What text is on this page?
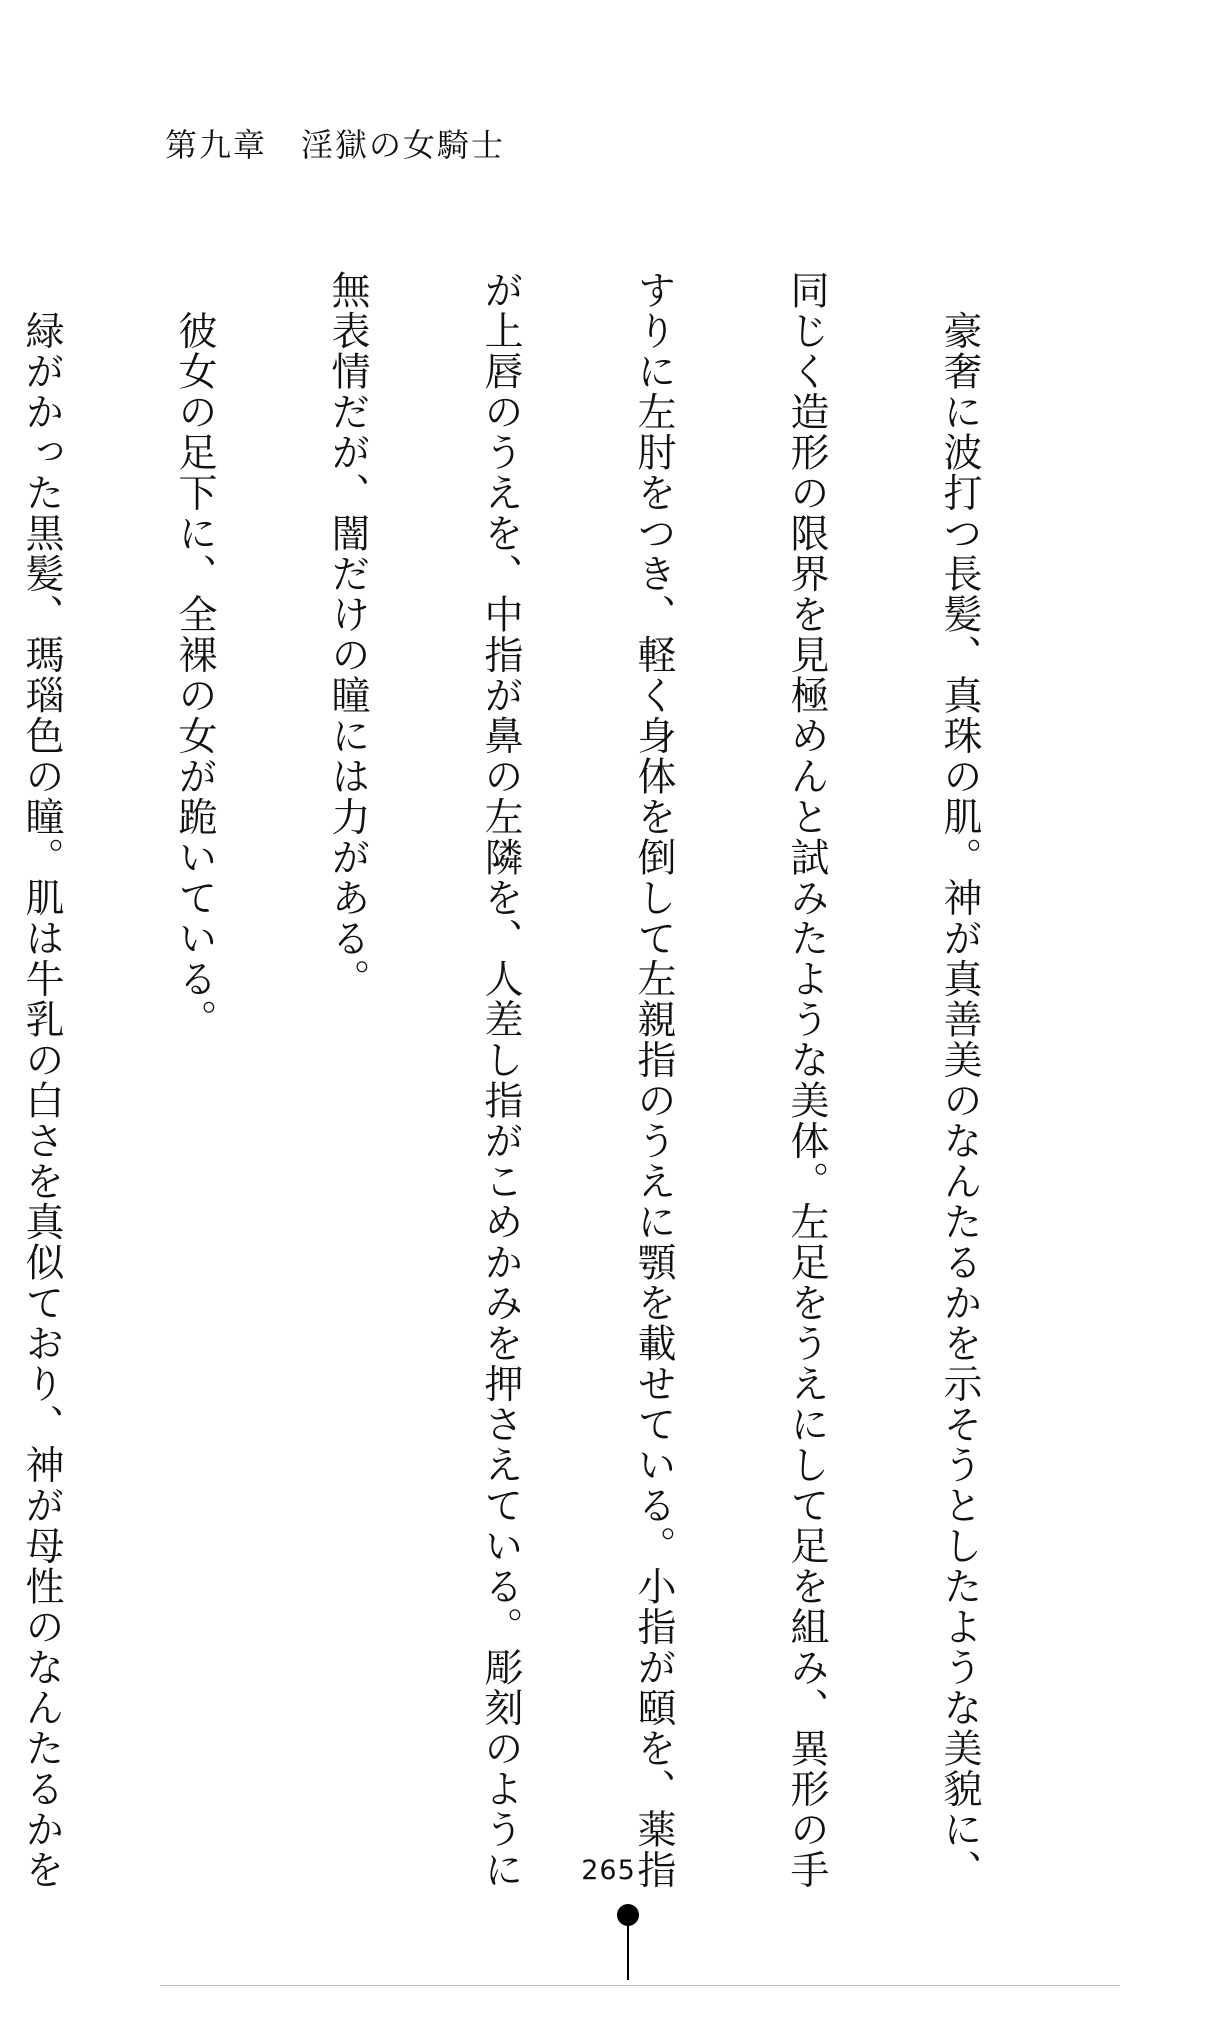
第九章　淫獄の女騎士

　豪奢に波打つ長髪、真珠の肌。神が真善美のなんたるかを示そうとしたような美貌に、

同じく造形の限界を見極めんと試みたような美体。左足をうえにして足を組み、異形の手

すりに左肘をつき、軽く身体を倒して左親指のうえに顎を載せている。小指が頤を、薬指

が上唇のうえを、中指が鼻の左隣を、人差し指がこめかみを押さえている。彫刻のように

無表情だが、闇だけの瞳には力がある。

　彼女の足下に、全裸の女が跪いている。

　緑がかった黒髪、瑪瑙色の瞳。肌は牛乳の白さを真似ており、神が母性のなんたるかを

	265
